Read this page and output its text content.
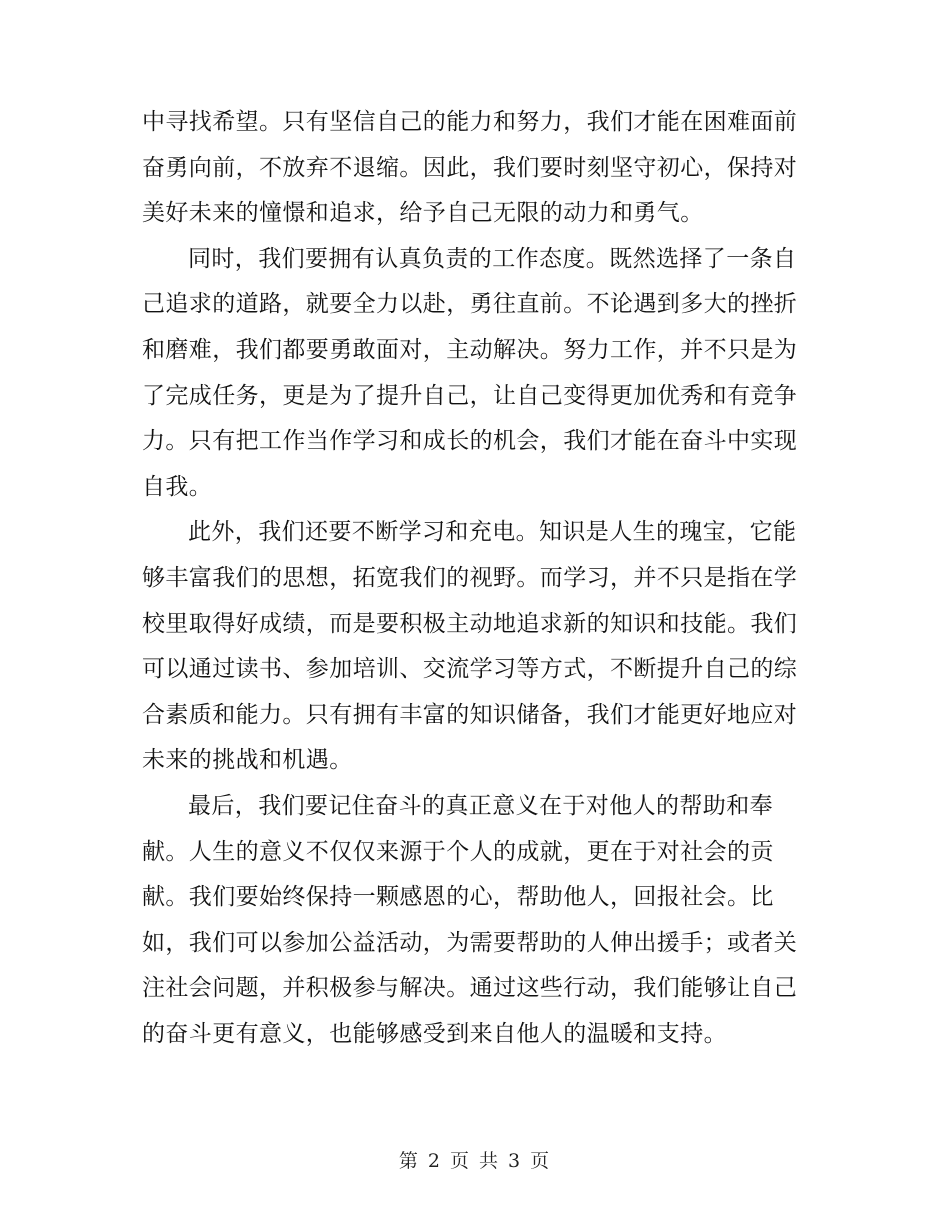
中寻找希望。只有坚信自己的能力和努力，我们才能在困难面前
奋勇向前，不放弃不退缩。因此，我们要时刻坚守初心，保持对
美好未来的憧憬和追求，给予自己无限的动力和勇气。
同时，我们要拥有认真负责的工作态度。既然选择了一条自
己追求的道路，就要全力以赴，勇往直前。不论遇到多大的挫折
和磨难，我们都要勇敢面对，主动解决。努力工作，并不只是为
了完成任务，更是为了提升自己，让自己变得更加优秀和有竞争
力。只有把工作当作学习和成长的机会，我们才能在奋斗中实现
自我。
此外，我们还要不断学习和充电。知识是人生的瑰宝，它能
够丰富我们的思想，拓宽我们的视野。而学习，并不只是指在学
校里取得好成绩，而是要积极主动地追求新的知识和技能。我们
可以通过读书、参加培训、交流学习等方式，不断提升自己的综
合素质和能力。只有拥有丰富的知识储备，我们才能更好地应对
未来的挑战和机遇。
最后，我们要记住奋斗的真正意义在于对他人的帮助和奉
献。人生的意义不仅仅来源于个人的成就，更在于对社会的贡
献。我们要始终保持一颗感恩的心，帮助他人，回报社会。比
如，我们可以参加公益活动，为需要帮助的人伸出援手；或者关
注社会问题，并积极参与解决。通过这些行动，我们能够让自己
的奋斗更有意义，也能够感受到来自他人的温暖和支持。
第 2 页 共 3 页
